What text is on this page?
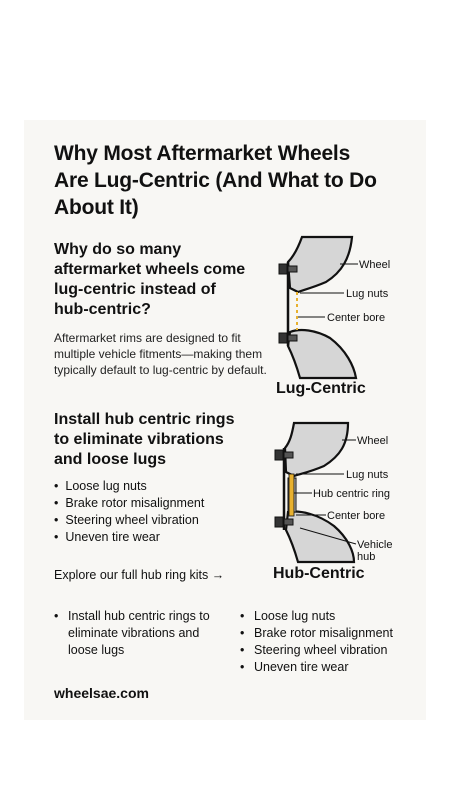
Why Most Aftermarket Wheels Are Lug-Centric (And What to Do About It)
Why do so many aftermarket wheels come lug-centric instead of hub-centric?

Aftermarket rims are designed to fit multiple vehicle fitments—making them typically default to lug-centric by default.

Install hub centric rings to eliminate vibrations and loose lugs
• Loose lug nuts
• Brake rotor misalignment
• Steering wheel vibration
• Uneven tire wear
Explore our full hub ring kits →
Wheel
Lug nuts
Center bore
Wheel
Lug nuts
Hub centric ring
Center bore
Vehicle
hub
Lug-Centric
Hub-Centric
• Install hub centric rings to eliminate vibrations and loose lugs
• Loose lug nuts
• Brake rotor misalignment
• Steering wheel vibration
• Uneven tire wear
wheelsae.com
